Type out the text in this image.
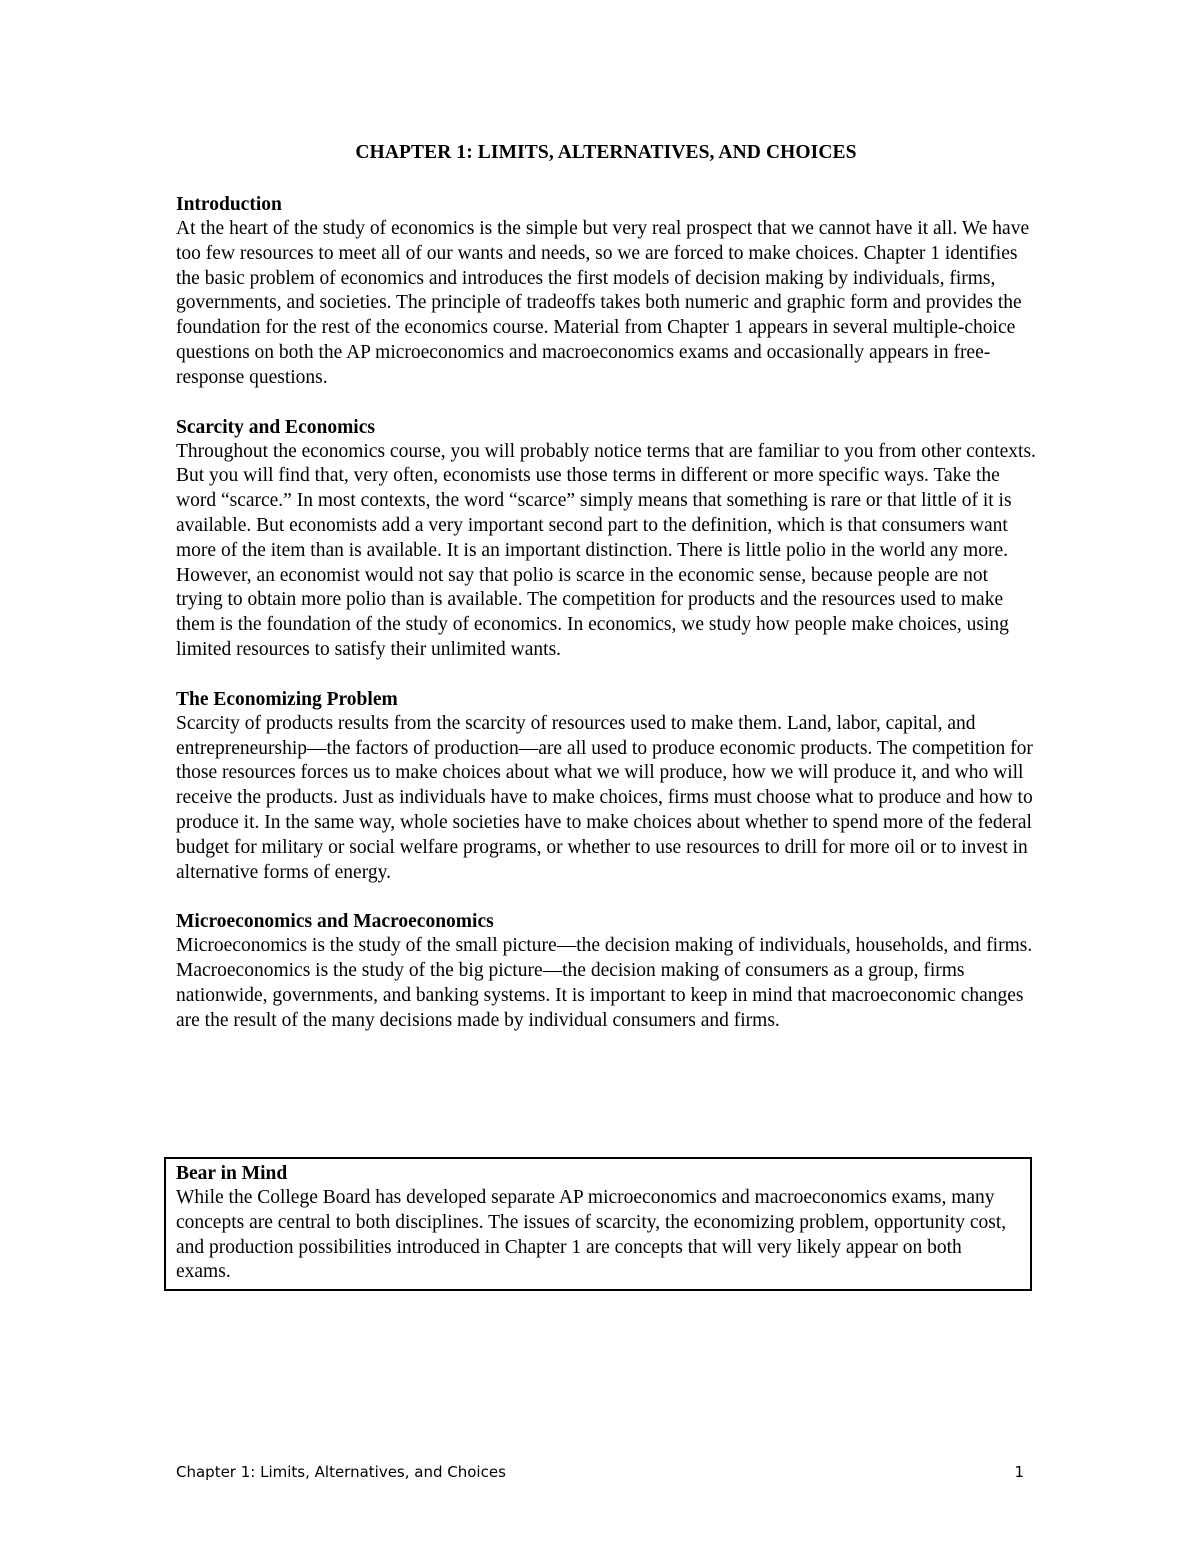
CHAPTER 1: LIMITS, ALTERNATIVES, AND CHOICES
Introduction
At the heart of the study of economics is the simple but very real prospect that we cannot have it all. We have too few resources to meet all of our wants and needs, so we are forced to make choices. Chapter 1 identifies the basic problem of economics and introduces the first models of decision making by individuals, firms, governments, and societies. The principle of tradeoffs takes both numeric and graphic form and provides the foundation for the rest of the economics course. Material from Chapter 1 appears in several multiple-choice questions on both the AP microeconomics and macroeconomics exams and occasionally appears in free-response questions.
Scarcity and Economics
Throughout the economics course, you will probably notice terms that are familiar to you from other contexts. But you will find that, very often, economists use those terms in different or more specific ways. Take the word “scarce.” In most contexts, the word “scarce” simply means that something is rare or that little of it is available. But economists add a very important second part to the definition, which is that consumers want more of the item than is available. It is an important distinction. There is little polio in the world any more. However, an economist would not say that polio is scarce in the economic sense, because people are not trying to obtain more polio than is available. The competition for products and the resources used to make them is the foundation of the study of economics. In economics, we study how people make choices, using limited resources to satisfy their unlimited wants.
The Economizing Problem
Scarcity of products results from the scarcity of resources used to make them. Land, labor, capital, and entrepreneurship—the factors of production—are all used to produce economic products. The competition for those resources forces us to make choices about what we will produce, how we will produce it, and who will receive the products. Just as individuals have to make choices, firms must choose what to produce and how to produce it. In the same way, whole societies have to make choices about whether to spend more of the federal budget for military or social welfare programs, or whether to use resources to drill for more oil or to invest in alternative forms of energy.
Microeconomics and Macroeconomics
Microeconomics is the study of the small picture—the decision making of individuals, households, and firms. Macroeconomics is the study of the big picture—the decision making of consumers as a group, firms nationwide, governments, and banking systems. It is important to keep in mind that macroeconomic changes are the result of the many decisions made by individual consumers and firms.
Bear in Mind
While the College Board has developed separate AP microeconomics and macroeconomics exams, many concepts are central to both disciplines. The issues of scarcity, the economizing problem, opportunity cost, and production possibilities introduced in Chapter 1 are concepts that will very likely appear on both exams.
Chapter 1: Limits, Alternatives, and Choices	1
